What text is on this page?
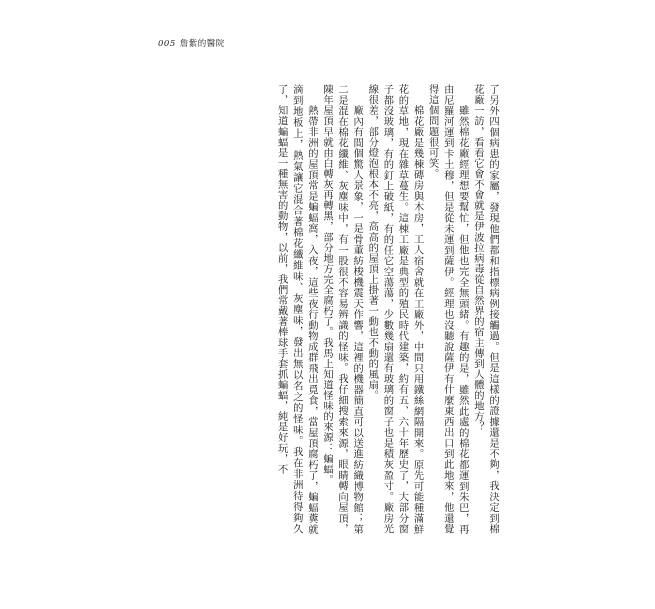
005 詹紫的醫院

了另外四個病患的家屬，發現他們都和指標病例接觸過。但是這樣的證據還是不夠，我決定到棉花廠一訪，看看它會不會就是伊波拉病毒從自然界的宿主傳到人體的地方？

雖然棉花廠經理想要幫忙，但他也完全無頭緒。有趣的是，雖然此處的棉花都運到朱巴，再由尼羅河運到卡土穆，但是從未運到薩伊。經理也沒聽說薩伊有什麼東西出口到此地來，他還覺得這個問題很可笑。

棉花廠是幾棟磚房與木房，工人宿舍就在工廠外，中間只用鐵絲網隔開來。原先可能種滿鮮花的草地，現在雜草蔓生。這棟工廠是典型的殖民時代建築，約有五、六十年歷史了，大部分窗子都沒玻璃，有的釘上破紙，有的任它空蕩蕩，少數幾扇還有玻璃的窗子也是積灰盈寸。廠房光線很差，部分燈泡根本不亮，高高的屋頂上掛著一動也不動的風扇。

廠內有間個驚人景象，一是骨董紡梭機震天作響，這裡的機器簡直可以送進紡織博物館；第二是混在棉花纖維、灰塵味中，有一股很不容易辨識的怪味。我仔細搜索來源，眼睛轉向屋頂，陳年屋頂早就由白轉灰再轉黑，部分地方完全腐朽了。我馬上知道怪味的來源：蝙蝠。

熱帶非洲的屋頂常是蝙蝠窩，入夜，這些夜行動物成群飛出覓食，當屋頂腐朽了，蝙蝠糞就滴到地板上，熱氣讓它混合著棉花纖維味、灰塵味，發出無以名之的怪味。我在非洲待得夠久了，知道蝙蝠是一種無害的動物，以前，我們常戴著棒球手套抓蝙蝠，純是好玩，不
